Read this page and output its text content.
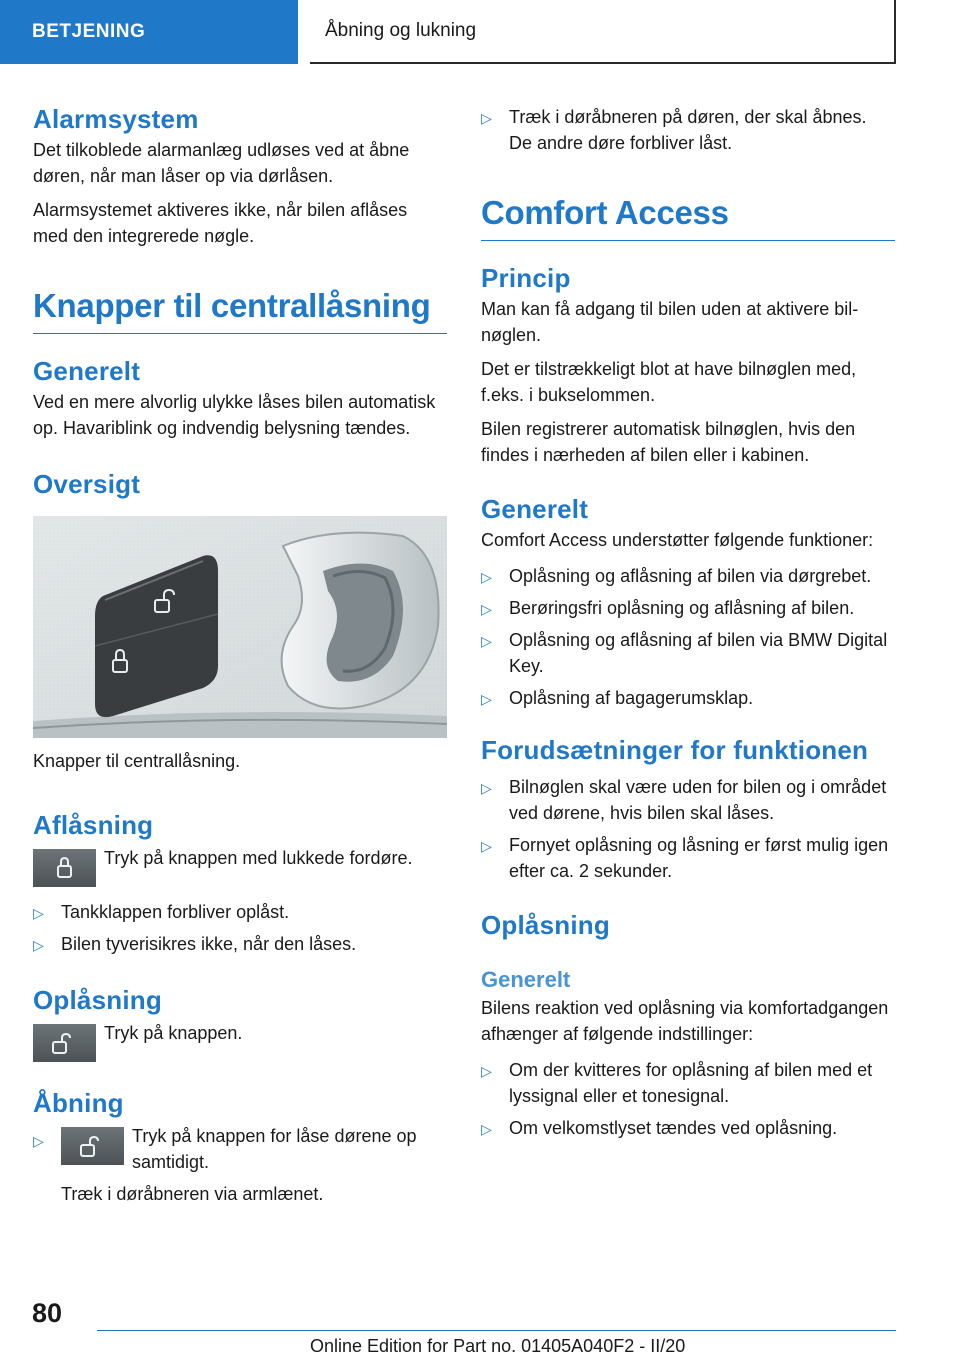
BETJENING	Åbning og lukning
Alarmsystem

Det tilkoblede alarmanlæg udløses ved at åbne døren, når man låser op via dørlåsen.

Alarmsystemet aktiveres ikke, når bilen aflåses med den integrerede nøgle.

Knapper til centrallåsning
Generelt

Ved en mere alvorlig ulykke låses bilen automatisk op. Havariblink og indvendig belysning tændes.

Oversigt

Knapper til centrallåsning.

Aflåsning

Tryk på knappen med lukkede fordøre.

▷ Tankklappen forbliver oplåst.
▷ Bilen tyverisikres ikke, når den låses.
Oplåsning

Tryk på knappen.

Åbning
▷	Tryk på knappen for låse dørene op samtidigt.
Træk i døråbneren via armlænet.
▷ Træk i døråbneren på døren, der skal åbnes.
De andre døre forbliver låst.
Comfort Access
Princip

Man kan få adgang til bilen uden at aktivere bilnøglen.

Det er tilstrækkeligt blot at have bilnøglen med, f.eks. i bukselommen.

Bilen registrerer automatisk bilnøglen, hvis den findes i nærheden af bilen eller i kabinen.

Generelt

Comfort Access understøtter følgende funktioner:

▷ Oplåsning og aflåsning af bilen via dørgrebet.
▷ Berøringsfri oplåsning og aflåsning af bilen.
▷ Oplåsning og aflåsning af bilen via BMW Digital Key.
▷ Oplåsning af bagagerumsklap.
Forudsætninger for funktionen
▷ Bilnøglen skal være uden for bilen og i området ved dørene, hvis bilen skal låses.
▷ Fornyet oplåsning og låsning er først mulig igen efter ca. 2 sekunder.
Oplåsning
Generelt

Bilens reaktion ved oplåsning via komfortadgangen afhænger af følgende indstillinger:

▷ Om der kvitteres for oplåsning af bilen med et lyssignal eller et tonesignal.
▷ Om velkomstlyset tændes ved oplåsning.
80
Online Edition for Part no. 01405A040F2 - II/20
